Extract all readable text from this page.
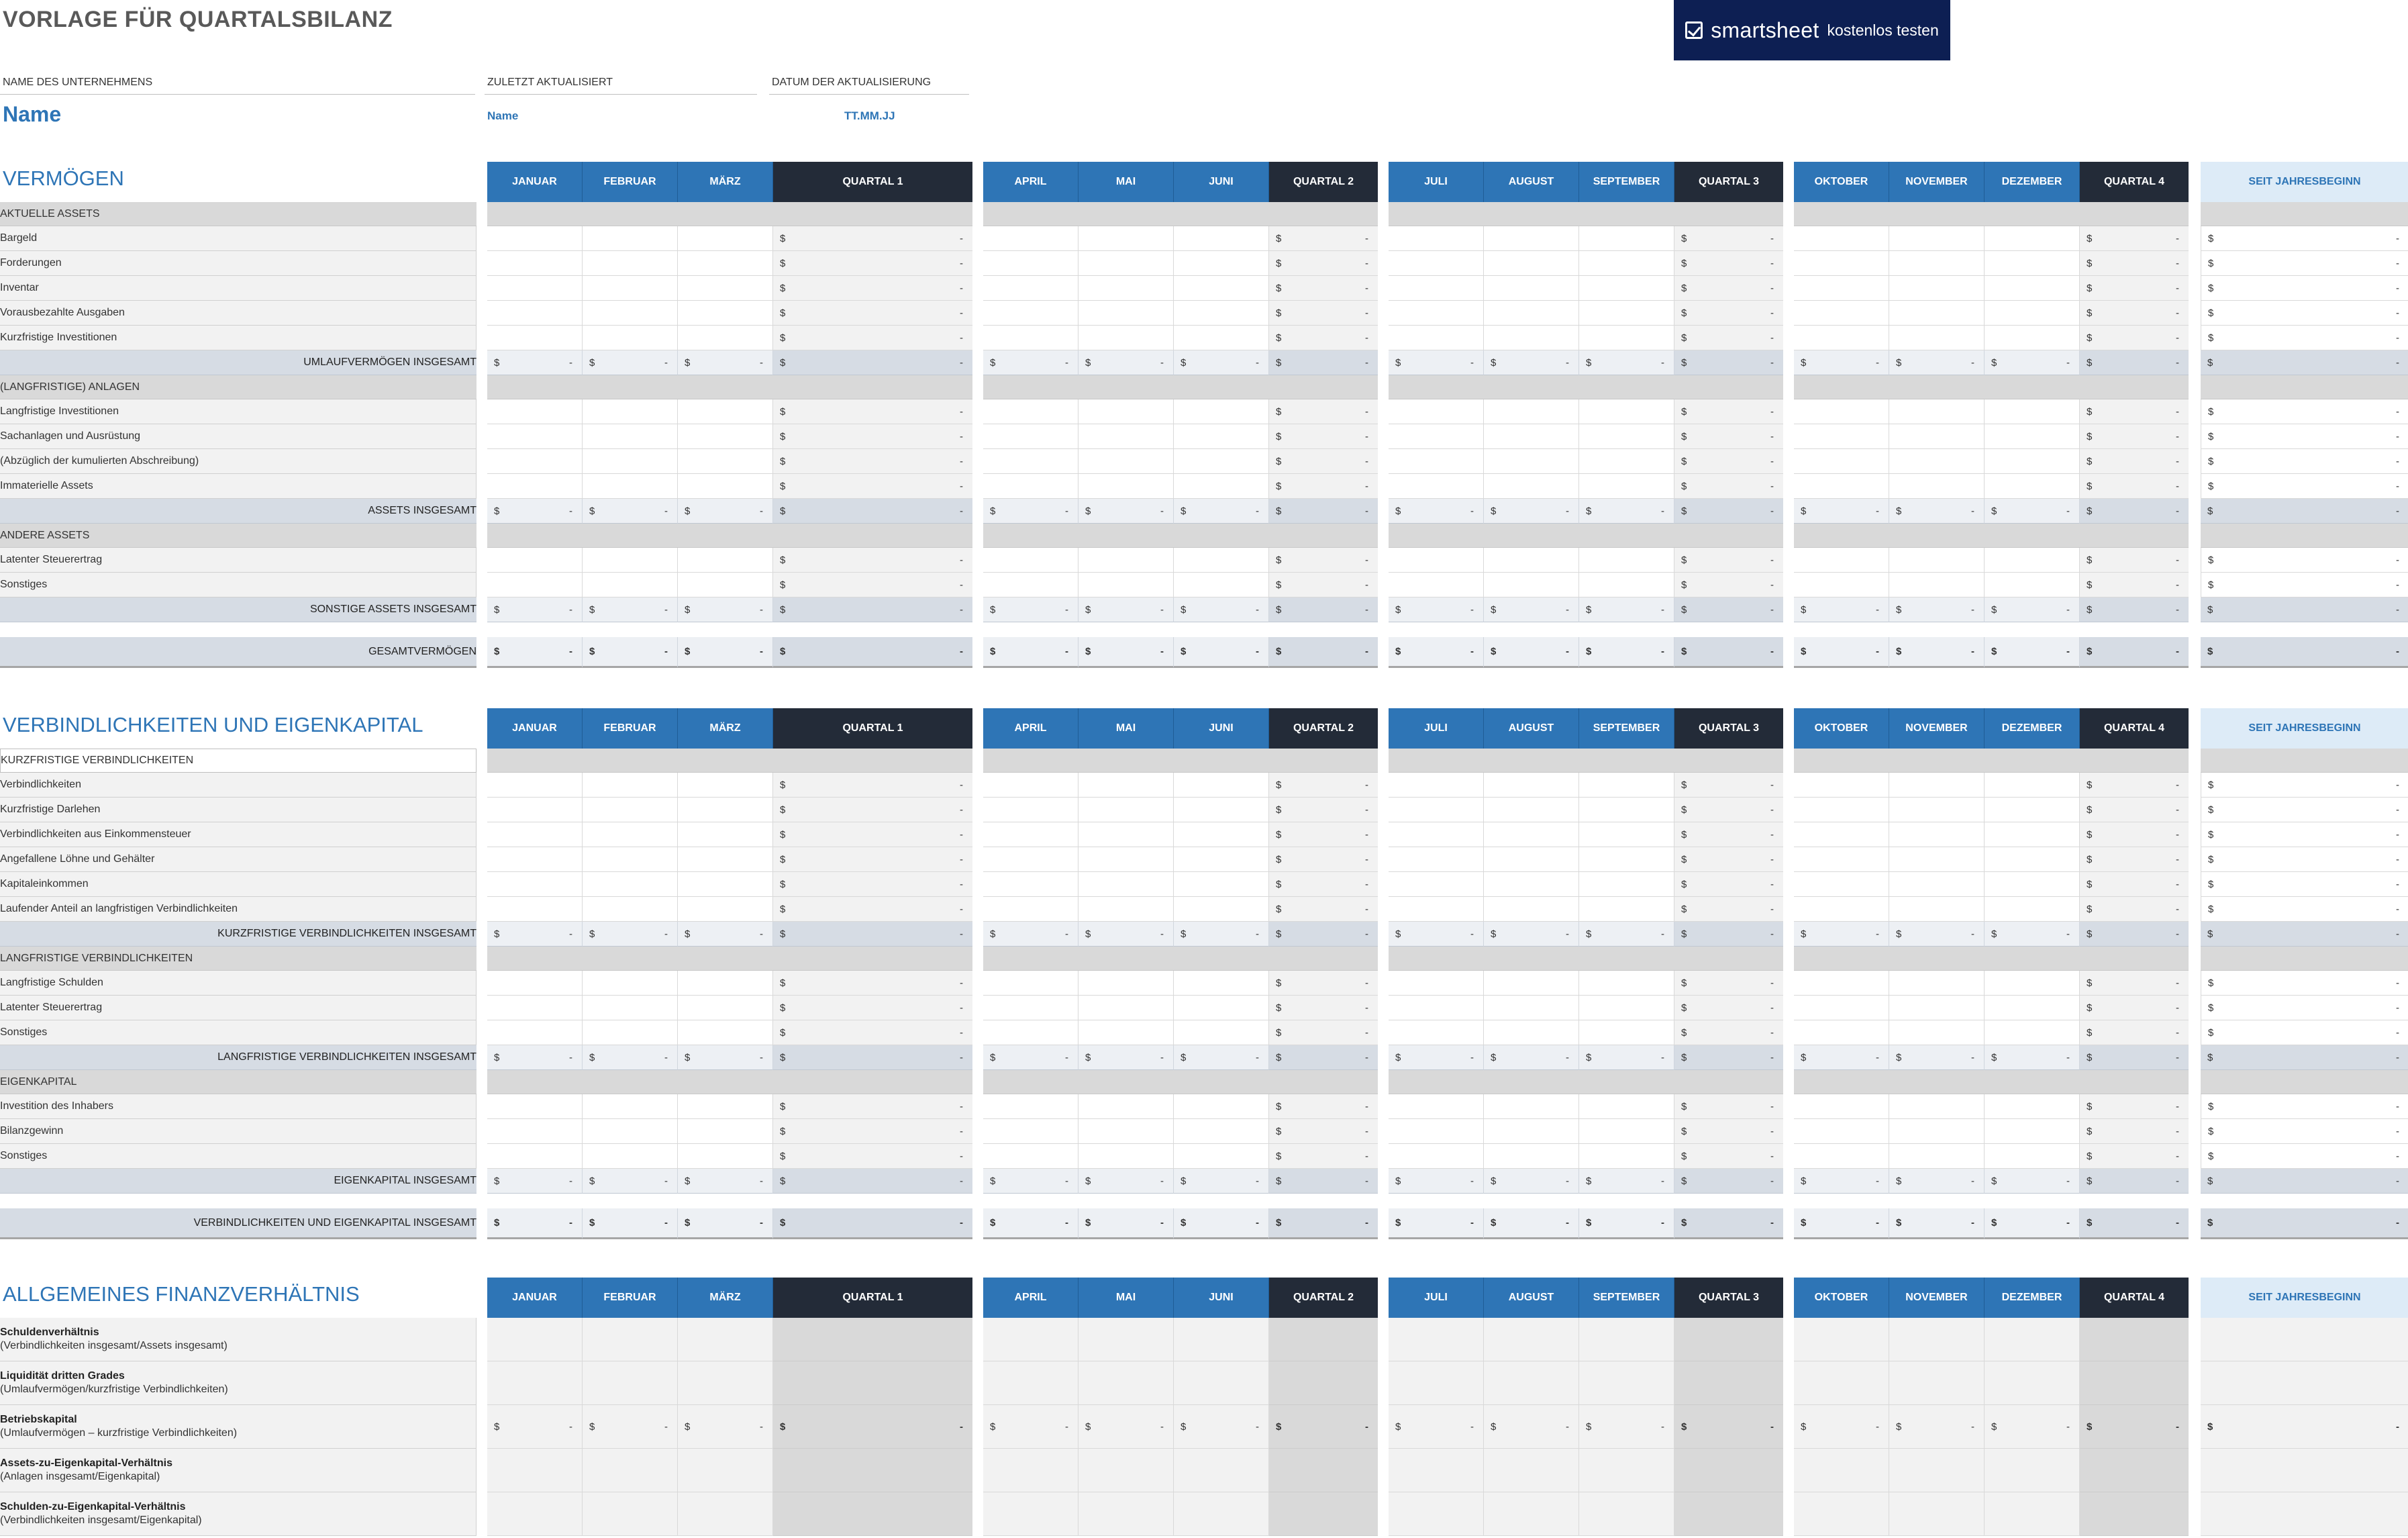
VORLAGE FÜR QUARTALSBILANZ	smartsheet kostenlos testen
NAME DES UNTERNEHMENS	ZULETZT AKTUALISIERT	DATUM DER AKTUALISIERUNG
Name	Name	TT.MM.JJ
VERMÖGEN
VERBINDLICHKEITEN UND EIGENKAPITAL
ALLGEMEINES FINANZVERHÄLTNIS
		JANUAR	FEBRUAR	MÄRZ	QUARTAL 1		APRIL	MAI	JUNI	QUARTAL 2		JULI	AUGUST	SEPTEMBER	QUARTAL 3		OKTOBER	NOVEMBER	DEZEMBER	QUARTAL 4		SEIT JAHRESBEGINN
AKTUELLE ASSETS																						
Bargeld					$ -					$ -					$ -					$ -		$ -

Forderungen					$ -					$ -					$ -					$ -		$ -

Inventar					$ -					$ -					$ -					$ -		$ -

Vorausbezahlte Ausgaben					$ -					$ -					$ -					$ -		$ -

Kurzfristige Investitionen					$ -					$ -					$ -					$ -		$ -

UMLAUFVERMÖGEN INSGESAMT		$ -	$ -	$ -	$ -		$ -	$ -	$ -	$ -		$ -	$ -	$ -	$ -		$ -	$ -	$ -	$ -		$ -

(LANGFRISTIGE) ANLAGEN																						
Langfristige Investitionen					$ -					$ -					$ -					$ -		$ -

Sachanlagen und Ausrüstung					$ -					$ -					$ -					$ -		$ -

(Abzüglich der kumulierten Abschreibung)					$ -					$ -					$ -					$ -		$ -

Immaterielle Assets					$ -					$ -					$ -					$ -		$ -

ASSETS INSGESAMT		$ -	$ -	$ -	$ -		$ -	$ -	$ -	$ -		$ -	$ -	$ -	$ -		$ -	$ -	$ -	$ -		$ -

ANDERE ASSETS																						
Latenter Steuerertrag					$ -					$ -					$ -					$ -		$ -

Sonstiges					$ -					$ -					$ -					$ -		$ -

SONSTIGE ASSETS INSGESAMT		$ -	$ -	$ -	$ -		$ -	$ -	$ -	$ -		$ -	$ -	$ -	$ -		$ -	$ -	$ -	$ -		$ -

GESAMTVERMÖGEN		$ -	$ -	$ -	$ -		$ -	$ -	$ -	$ -		$ -	$ -	$ -	$ -		$ -	$ -	$ -	$ -		$ -
		JANUAR	FEBRUAR	MÄRZ	QUARTAL 1		APRIL	MAI	JUNI	QUARTAL 2		JULI	AUGUST	SEPTEMBER	QUARTAL 3		OKTOBER	NOVEMBER	DEZEMBER	QUARTAL 4		SEIT JAHRESBEGINN
KURZFRISTIGE VERBINDLICHKEITEN																						
Verbindlichkeiten					$ -					$ -					$ -					$ -		$ -

Kurzfristige Darlehen					$ -					$ -					$ -					$ -		$ -

Verbindlichkeiten aus Einkommensteuer					$ -					$ -					$ -					$ -		$ -

Angefallene Löhne und Gehälter					$ -					$ -					$ -					$ -		$ -

Kapitaleinkommen					$ -					$ -					$ -					$ -		$ -

Laufender Anteil an langfristigen Verbindlichkeiten					$ -					$ -					$ -					$ -		$ -

KURZFRISTIGE VERBINDLICHKEITEN INSGESAMT		$ -	$ -	$ -	$ -		$ -	$ -	$ -	$ -		$ -	$ -	$ -	$ -		$ -	$ -	$ -	$ -		$ -

LANGFRISTIGE VERBINDLICHKEITEN																						
Langfristige Schulden					$ -					$ -					$ -					$ -		$ -

Latenter Steuerertrag					$ -					$ -					$ -					$ -		$ -

Sonstiges					$ -					$ -					$ -					$ -		$ -

LANGFRISTIGE VERBINDLICHKEITEN INSGESAMT		$ -	$ -	$ -	$ -		$ -	$ -	$ -	$ -		$ -	$ -	$ -	$ -		$ -	$ -	$ -	$ -		$ -

EIGENKAPITAL																						
Investition des Inhabers					$ -					$ -					$ -					$ -		$ -

Bilanzgewinn					$ -					$ -					$ -					$ -		$ -

Sonstiges					$ -					$ -					$ -					$ -		$ -

EIGENKAPITAL INSGESAMT		$ -	$ -	$ -	$ -		$ -	$ -	$ -	$ -		$ -	$ -	$ -	$ -		$ -	$ -	$ -	$ -		$ -

VERBINDLICHKEITEN UND EIGENKAPITAL INSGESAMT		$ -	$ -	$ -	$ -		$ -	$ -	$ -	$ -		$ -	$ -	$ -	$ -		$ -	$ -	$ -	$ -		$ -
		JANUAR	FEBRUAR	MÄRZ	QUARTAL 1		APRIL	MAI	JUNI	QUARTAL 2		JULI	AUGUST	SEPTEMBER	QUARTAL 3		OKTOBER	NOVEMBER	DEZEMBER	QUARTAL 4		SEIT JAHRESBEGINN

Schuldenverhältnis
(Verbindlichkeiten insgesamt/Assets insgesamt)																						

Liquidität dritten Grades
(Umlaufvermögen/kurzfristige Verbindlichkeiten)																						

Betriebskapital
(Umlaufvermögen – kurzfristige Verbindlichkeiten)		$ -	$ -	$ -	$ -		$ -	$ -	$ -	$ -		$ -	$ -	$ -	$ -		$ -	$ -	$ -	$ -		$ -

Assets-zu-Eigenkapital-Verhältnis
(Anlagen insgesamt/Eigenkapital)																						

Schulden-zu-Eigenkapital-Verhältnis
(Verbindlichkeiten insgesamt/Eigenkapital)																						
